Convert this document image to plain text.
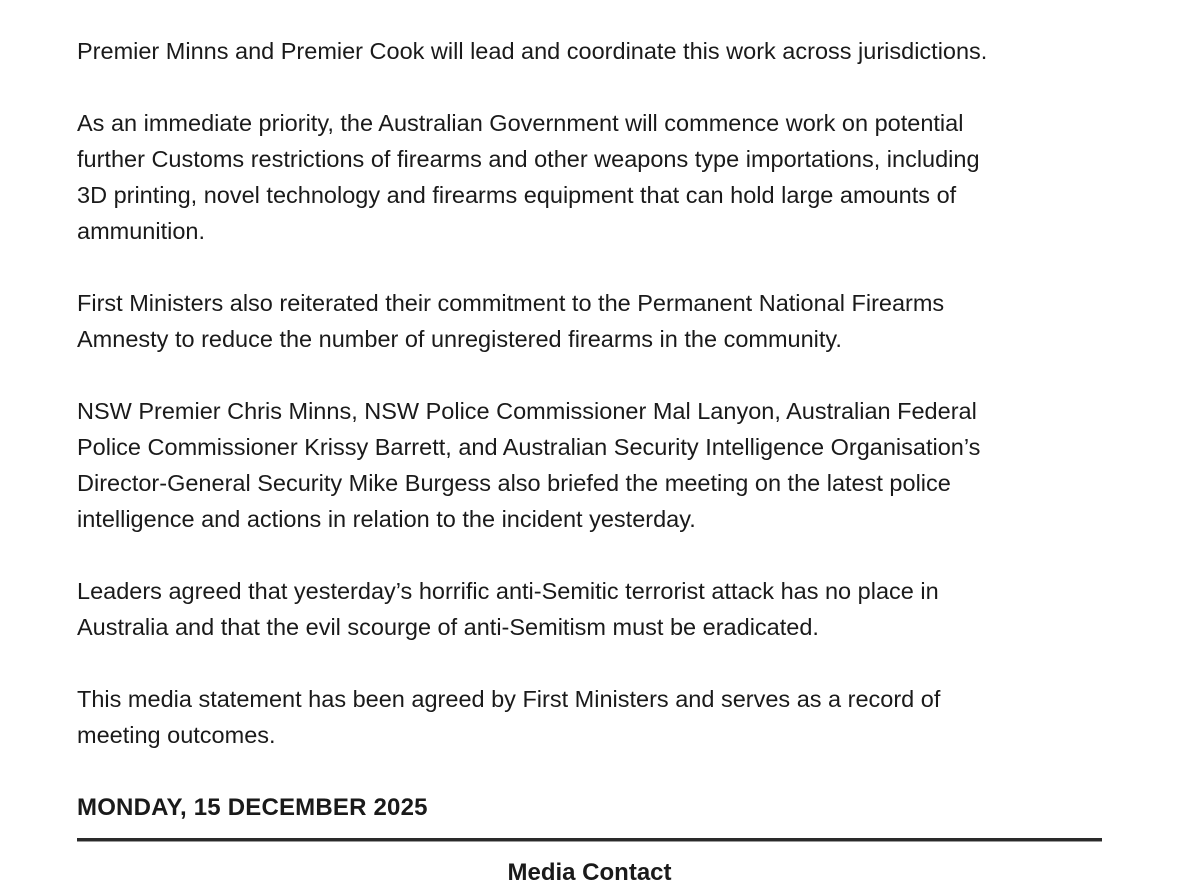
Premier Minns and Premier Cook will lead and coordinate this work across jurisdictions.

As an immediate priority, the Australian Government will commence work on potential
further Customs restrictions of firearms and other weapons type importations, including
3D printing, novel technology and firearms equipment that can hold large amounts of
ammunition.

First Ministers also reiterated their commitment to the Permanent National Firearms
Amnesty to reduce the number of unregistered firearms in the community.

NSW Premier Chris Minns, NSW Police Commissioner Mal Lanyon, Australian Federal
Police Commissioner Krissy Barrett, and Australian Security Intelligence Organisation’s
Director-General Security Mike Burgess also briefed the meeting on the latest police
intelligence and actions in relation to the incident yesterday.

Leaders agreed that yesterday’s horrific anti-Semitic terrorist attack has no place in
Australia and that the evil scourge of anti-Semitism must be eradicated.

This media statement has been agreed by First Ministers and serves as a record of
meeting outcomes.

MONDAY, 15 DECEMBER 2025

Media Contact
